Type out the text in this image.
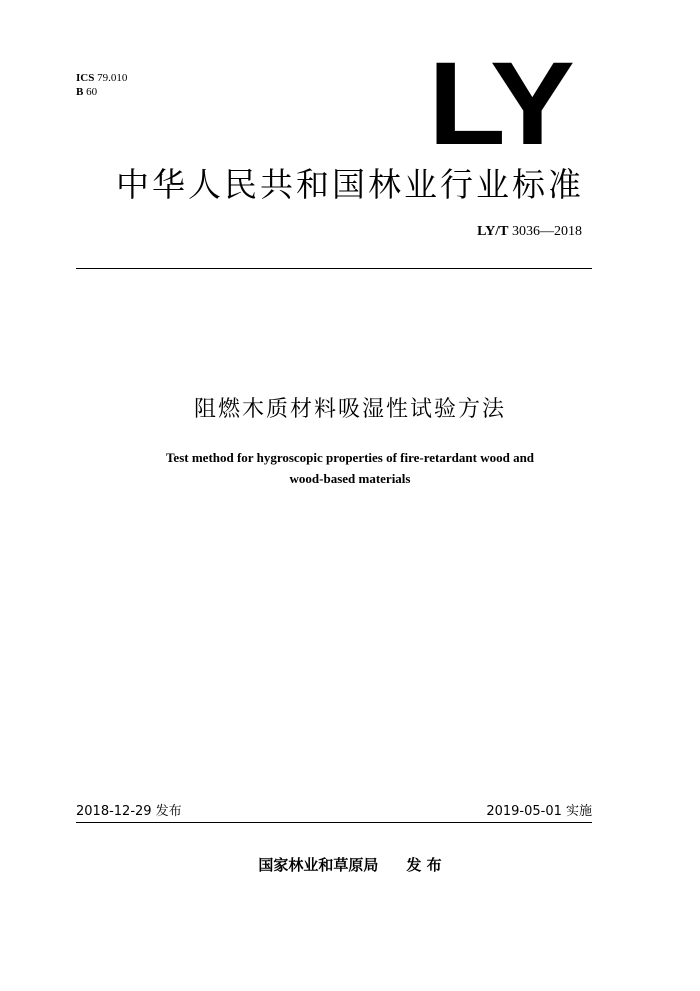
ICS 79.010
B 60	LY
中华人民共和国林业行业标准
LY/T 3036—2018
阻燃木质材料吸湿性试验方法
Test method for hygroscopic properties of fire-retardant wood and
wood-based materials
2018-12-29 发布	2019-05-01 实施
国家林业和草原局 发 布
